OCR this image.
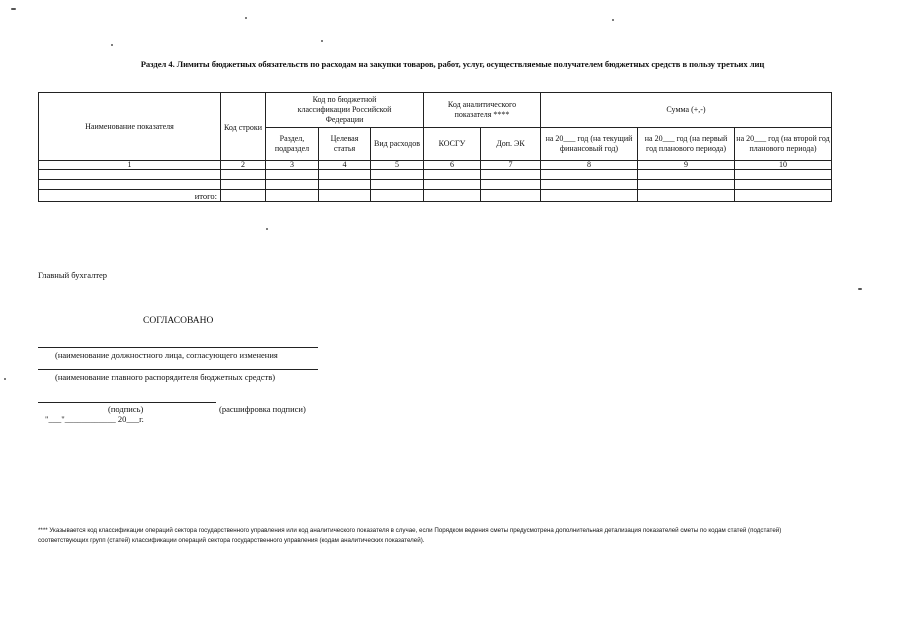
Раздел 4. Лимиты бюджетных обязательств по расходам на закупки товаров, работ, услуг, осуществляемые получателем бюджетных средств в пользу третьих лиц
Наименование показателя	Код строки	Код по бюджетной классификации Российской Федерации			Код аналитического показателя ****		Сумма (+,-)		
		Раздел, подраздел	Целевая статья	Вид расходов	КОСГУ	Доп. ЭК	на 20___ год (на текущий финансовый год)	на 20___ год (на первый год планового периода)	на 20___ год (на второй год планового периода)
1	2	3	4	5	6	7	8	9	10

итого:									
Главный бухгалтер
СОГЛАСОВАНО
(наименование должностного лица, согласующего изменения
(наименование главного распорядителя бюджетных средств)
(подпись)	(расшифровка подписи)
"___"____________ 20___г.
**** Указывается код классификации операций сектора государственного управления или код аналитического показателя в случае, если Порядком ведения сметы предусмотрена дополнительная детализация показателей сметы по кодам статей (подстатей) соответствующих групп (статей) классификации операций сектора государственного управления (кодам аналитических показателей).
